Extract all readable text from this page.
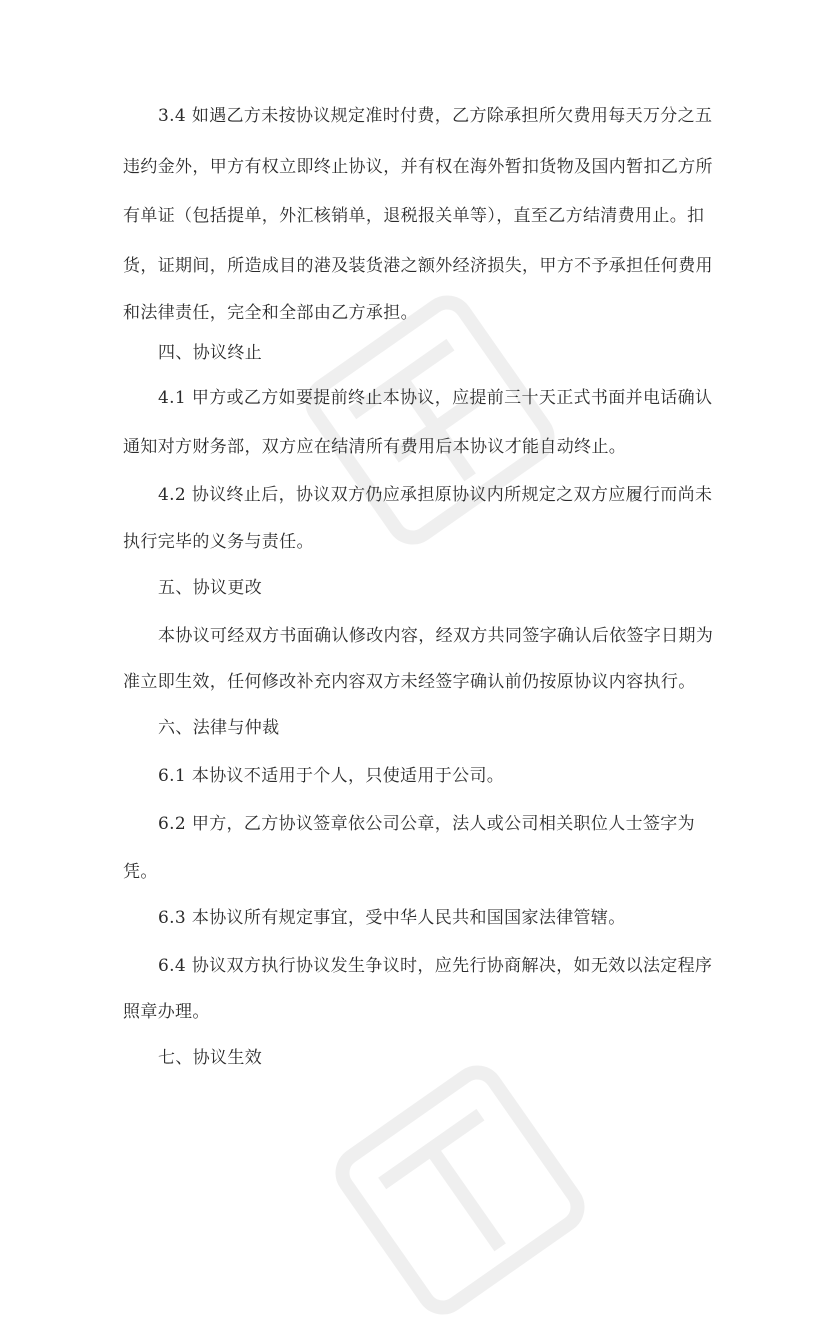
3.4 如遇乙方未按协议规定准时付费，乙方除承担所欠费用每天万分之五
违约金外，甲方有权立即终止协议，并有权在海外暂扣货物及国内暂扣乙方所
有单证（包括提单，外汇核销单，退税报关单等），直至乙方结清费用止。扣
货，证期间，所造成目的港及装货港之额外经济损失，甲方不予承担任何费用
和法律责任，完全和全部由乙方承担。
四、协议终止
4.1 甲方或乙方如要提前终止本协议，应提前三十天正式书面并电话确认
通知对方财务部，双方应在结清所有费用后本协议才能自动终止。
4.2 协议终止后，协议双方仍应承担原协议内所规定之双方应履行而尚未
执行完毕的义务与责任。
五、协议更改
本协议可经双方书面确认修改内容，经双方共同签字确认后依签字日期为
准立即生效，任何修改补充内容双方未经签字确认前仍按原协议内容执行。
六、法律与仲裁
6.1 本协议不适用于个人，只使适用于公司。
6.2 甲方，乙方协议签章依公司公章，法人或公司相关职位人士签字为
凭。
6.3 本协议所有规定事宜，受中华人民共和国国家法律管辖。
6.4 协议双方执行协议发生争议时，应先行协商解决，如无效以法定程序
照章办理。
七、协议生效
